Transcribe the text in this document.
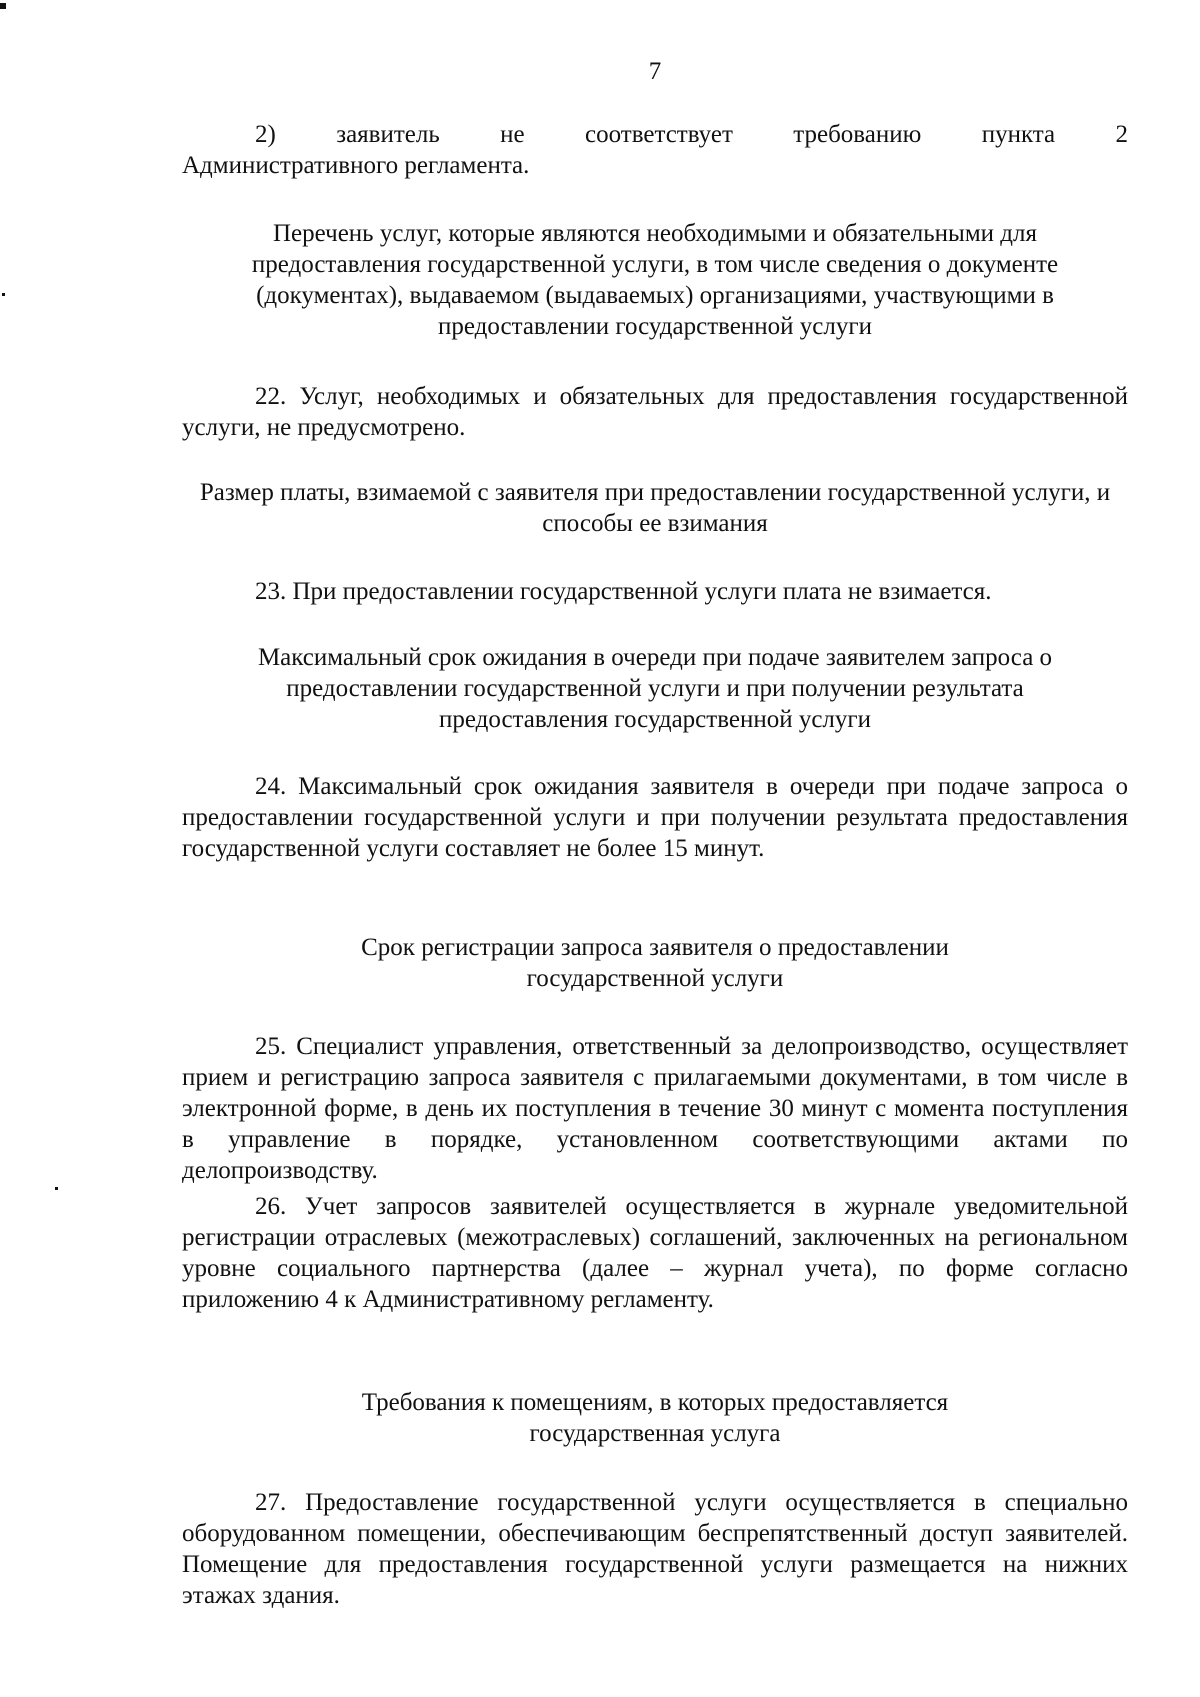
7
2)   заявитель   не   соответствует   требованию   пункта   2
Административного регламента.
Перечень услуг, которые являются необходимыми и обязательными для предоставления государственной услуги, в том числе сведения о документе (документах), выдаваемом (выдаваемых) организациями, участвующими в предоставлении государственной услуги

22. Услуг, необходимых и обязательных для предоставления государственной услуги, не предусмотрено.

Размер платы, взимаемой с заявителя при предоставлении государственной услуги, и способы ее взимания

23. При предоставлении государственной услуги плата не взимается.

Максимальный срок ожидания в очереди при подаче заявителем запроса о предоставлении государственной услуги и при получении результата предоставления государственной услуги

24. Максимальный срок ожидания заявителя в очереди при подаче запроса о предоставлении государственной услуги и при получении результата предоставления государственной услуги составляет не более 15 минут.

Срок регистрации запроса заявителя о предоставлении государственной услуги

25. Специалист управления, ответственный за делопроизводство, осуществляет прием и регистрацию запроса заявителя с прилагаемыми документами, в том числе в электронной форме, в день их поступления в течение 30 минут с момента поступления в управление в порядке, установленном соответствующими актами по делопроизводству.

26. Учет запросов заявителей осуществляется в журнале уведомительной регистрации отраслевых (межотраслевых) соглашений, заключенных на региональном уровне социального партнерства (далее – журнал учета), по форме согласно приложению 4 к Административному регламенту.

Требования к помещениям, в которых предоставляется государственная услуга

27. Предоставление государственной услуги осуществляется в специально оборудованном помещении, обеспечивающим беспрепятственный доступ заявителей. Помещение для предоставления государственной услуги размещается на нижних этажах здания.
